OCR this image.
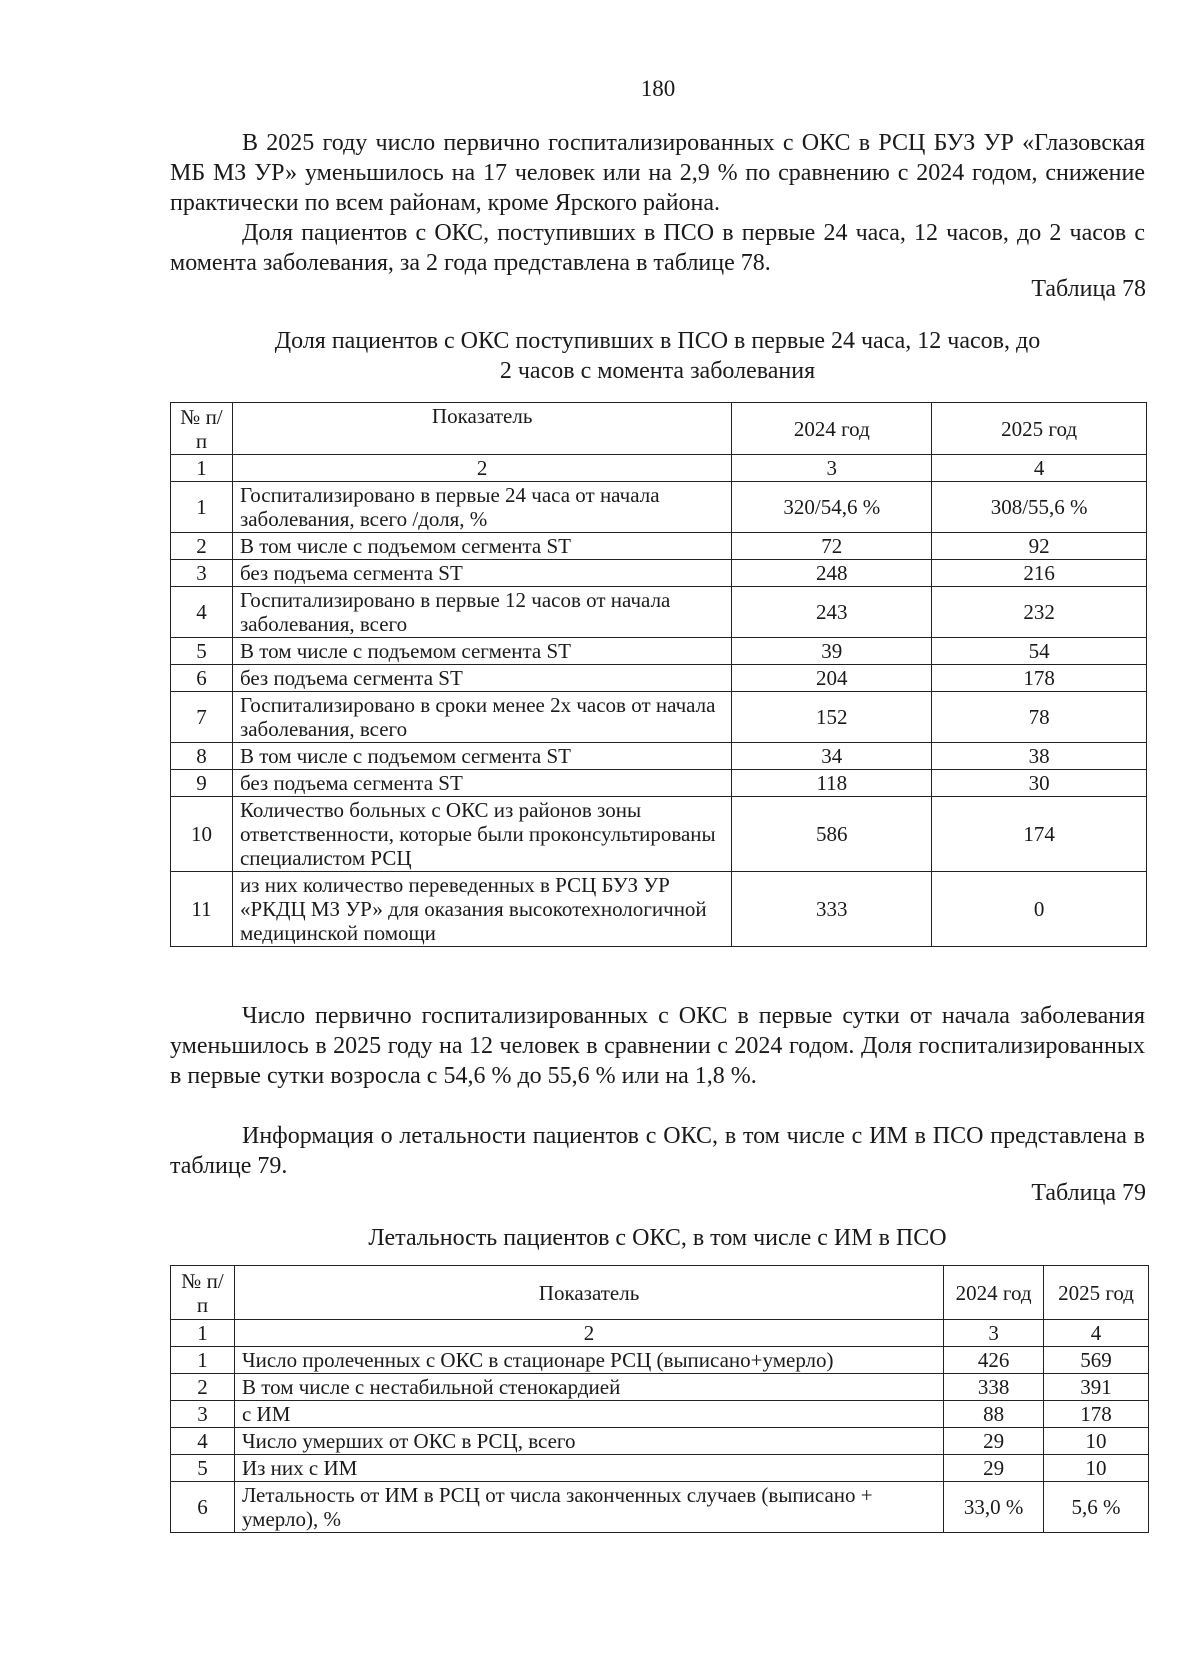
180

В 2025 году число первично госпитализированных с ОКС в РСЦ БУЗ УР «Глазовская МБ МЗ УР» уменьшилось на 17 человек или на 2,9 % по сравнению с 2024 годом, снижение практически по всем районам, кроме Ярского района.

Доля пациентов с ОКС, поступивших в ПСО в первые 24 часа, 12 часов, до 2 часов с момента заболевания, за 2 года представлена в таблице 78.

Таблица 78
Доля пациентов с ОКС поступивших в ПСО в первые 24 часа, 12 часов, до
2 часов с момента заболевания
№ п/п	Показатель	2024 год	2025 год
1	2	3	4
1	Госпитализировано в первые 24 часа от начала заболевания, всего /доля, %	320/54,6 %	308/55,6 %
2	В том числе с подъемом сегмента ST	72	92
3	без подъема сегмента ST	248	216
4	Госпитализировано в первые 12 часов от начала заболевания, всего	243	232
5	В том числе с подъемом сегмента ST	39	54
6	без подъема сегмента ST	204	178
7	Госпитализировано в сроки менее 2х часов от начала заболевания, всего	152	78
8	В том числе с подъемом сегмента ST	34	38
9	без подъема сегмента ST	118	30
10	Количество больных с ОКС из районов зоны ответственности, которые были проконсультированы специалистом РСЦ	586	174
11	из них количество переведенных в РСЦ БУЗ УР «РКДЦ МЗ УР» для оказания высокотехнологичной медицинской помощи	333	0

Число первично госпитализированных с ОКС в первые сутки от начала заболевания уменьшилось в 2025 году на 12 человек в сравнении с 2024 годом. Доля госпитализированных в первые сутки возросла с 54,6 % до 55,6 % или на 1,8 %.

Информация о летальности пациентов с ОКС, в том числе с ИМ в ПСО представлена в таблице 79.

Таблица 79
Летальность пациентов с ОКС, в том числе с ИМ в ПСО
№ п/п	Показатель	2024 год	2025 год
1	2	3	4
1	Число пролеченных с ОКС в стационаре РСЦ (выписано+умерло)	426	569
2	В том числе с нестабильной стенокардией	338	391
3	с ИМ	88	178
4	Число умерших от ОКС в РСЦ, всего	29	10
5	Из них с ИМ	29	10
6	Летальность от ИМ в РСЦ от числа законченных случаев (выписано + умерло), %	33,0 %	5,6 %
